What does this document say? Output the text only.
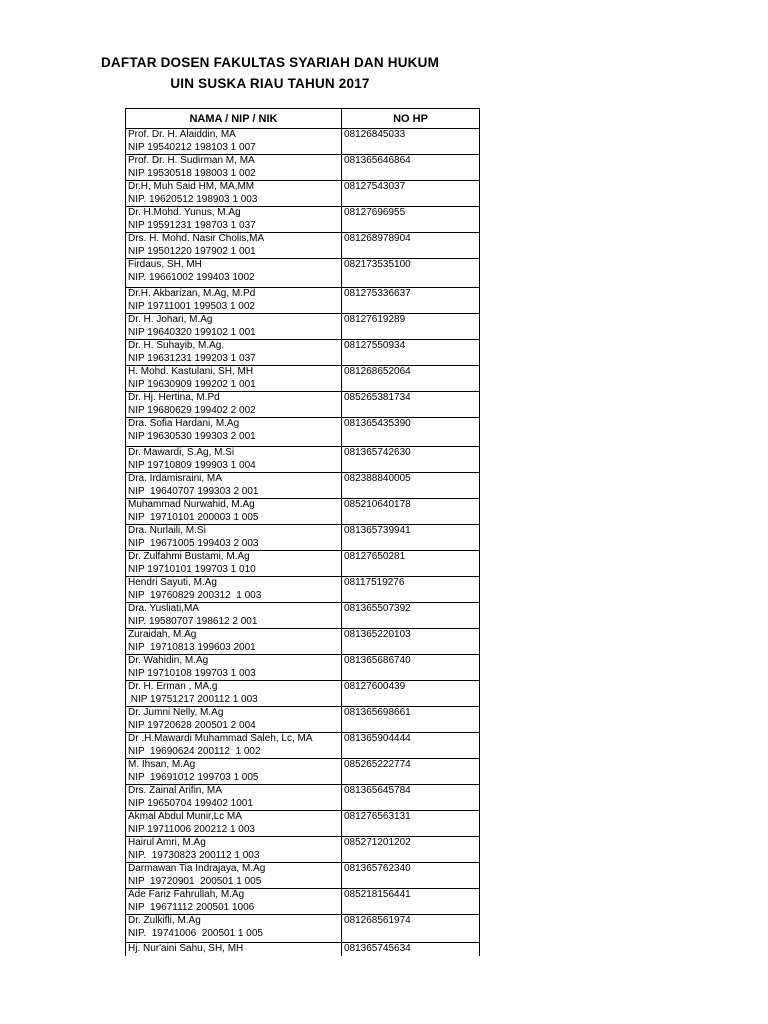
DAFTAR DOSEN FAKULTAS SYARIAH DAN HUKUM
UIN SUSKA RIAU TAHUN 2017
NAMA / NIP / NIK	NO HP
Prof. Dr. H. Alaiddin, MA	08126845033
NIP 19540212 198103 1 007	
Prof. Dr. H. Sudirman M, MA	081365646864
NIP 19530518 198003 1 002	
Dr.H, Muh Said HM, MA,MM	08127543037
NIP. 19620512 198903 1 003	
Dr. H.Mohd. Yunus, M.Ag	08127696955
NIP 19591231 198703 1 037	
Drs. H. Mohd. Nasir Cholis,MA	081268978904
NIP 19501220 197902 1 001	
Firdaus, SH, MH	082173535100
NIP. 19661002 199403 1002	
Dr.H. Akbarizan, M.Ag, M.Pd	081275336637
NIP 19711001 199503 1 002	
Dr. H. Johari, M.Ag	08127619289
NIP 19640320 199102 1 001	
Dr. H. Suhayib, M.Ag.	08127550934
NIP 19631231 199203 1 037	
H. Mohd. Kastulani, SH, MH	081268652064
NIP 19630909 199202 1 001	
Dr. Hj. Hertina, M.Pd	085265381734
NIP 19680629 199402 2 002	
Dra. Sofia Hardani, M.Ag	081365435390
NIP 19630530 199303 2 001	
Dr. Mawardi, S.Ag, M.Si	081365742630
NIP 19710809 199903 1 004	
Dra. Irdamisraini, MA	082388840005
NIP  19640707 199303 2 001	
Muhammad Nurwahid, M.Ag	085210640178
NIP  19710101 200003 1 005	
Dra. Nurlaili, M.Si	081365739941
NIP  19671005 199403 2 003	
Dr. Zulfahmi Bustami, M.Ag	08127650281
NIP 19710101 199703 1 010	
Hendri Sayuti, M.Ag	08117519276
NIP  19760829 200312  1 003	
Dra. Yusliati,MA	081365507392
NIP. 19580707 198612 2 001	
Zuraidah, M.Ag	081365220103
NIP  19710813 199603 2001	
Dr. Wahidin, M.Ag	081365686740
NIP 19710108 199703 1 003	
Dr. H. Erman , MA.g	08127600439
NIP 19751217 200112 1 003	
Dr. Jumni Nelly, M.Ag	081365698661
NIP 19720628 200501 2 004	
Dr .H.Mawardi Muhammad Saleh, Lc, MA	081365904444
NIP  19690624 200112  1 002	
M. Ihsan, M.Ag	085265222774
NIP  19691012 199703 1 005	
Drs. Zainal Arifin, MA	081365645784
NIP 19650704 199402 1001	
Akmal Abdul Munir,Lc MA	081276563131
NIP 19711006 200212 1 003	
Hairul Amri, M.Ag	085271201202
NIP.  19730823 200112 1 003	
Darmawan Tia Indrajaya, M.Ag	081365762340
NIP  19720901  200501 1 005	
Ade Fariz Fahrullah, M.Ag	085218156441
NIP  19671112 200501 1006	
Dr. Zulkifli, M.Ag	081268561974
NIP.  19741006  200501 1 005	
Hj. Nur'aini Sahu, SH, MH	081365745634
